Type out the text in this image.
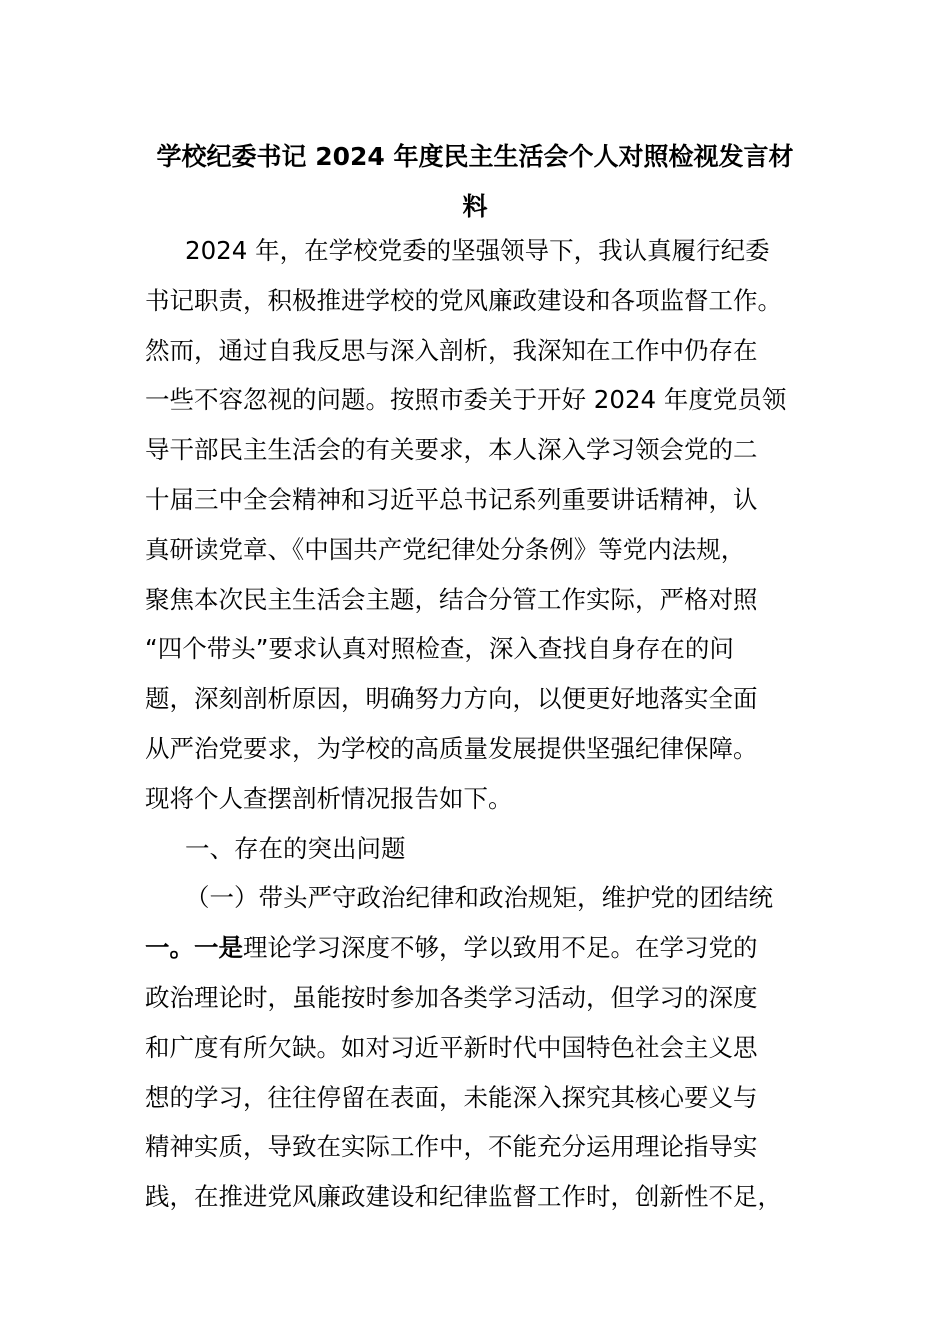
学校纪委书记 2024 年度民主生活会个人对照检视发言材
料
2024 年，在学校党委的坚强领导下，我认真履行纪委
书记职责，积极推进学校的党风廉政建设和各项监督工作。
然而，通过自我反思与深入剖析，我深知在工作中仍存在
一些不容忽视的问题。按照市委关于开好 2024 年度党员领
导干部民主生活会的有关要求，本人深入学习领会党的二
十届三中全会精神和习近平总书记系列重要讲话精神，认
真研读党章、《中国共产党纪律处分条例》等党内法规，
聚焦本次民主生活会主题，结合分管工作实际，严格对照
“四个带头”要求认真对照检查，深入查找自身存在的问
题，深刻剖析原因，明确努力方向，以便更好地落实全面
从严治党要求，为学校的高质量发展提供坚强纪律保障。
现将个人查摆剖析情况报告如下。
一、存在的突出问题
（一）带头严守政治纪律和政治规矩，维护党的团结统
一。一是理论学习深度不够，学以致用不足。在学习党的
政治理论时，虽能按时参加各类学习活动，但学习的深度
和广度有所欠缺。如对习近平新时代中国特色社会主义思
想的学习，往往停留在表面，未能深入探究其核心要义与
精神实质，导致在实际工作中，不能充分运用理论指导实
践，在推进党风廉政建设和纪律监督工作时，创新性不足，
